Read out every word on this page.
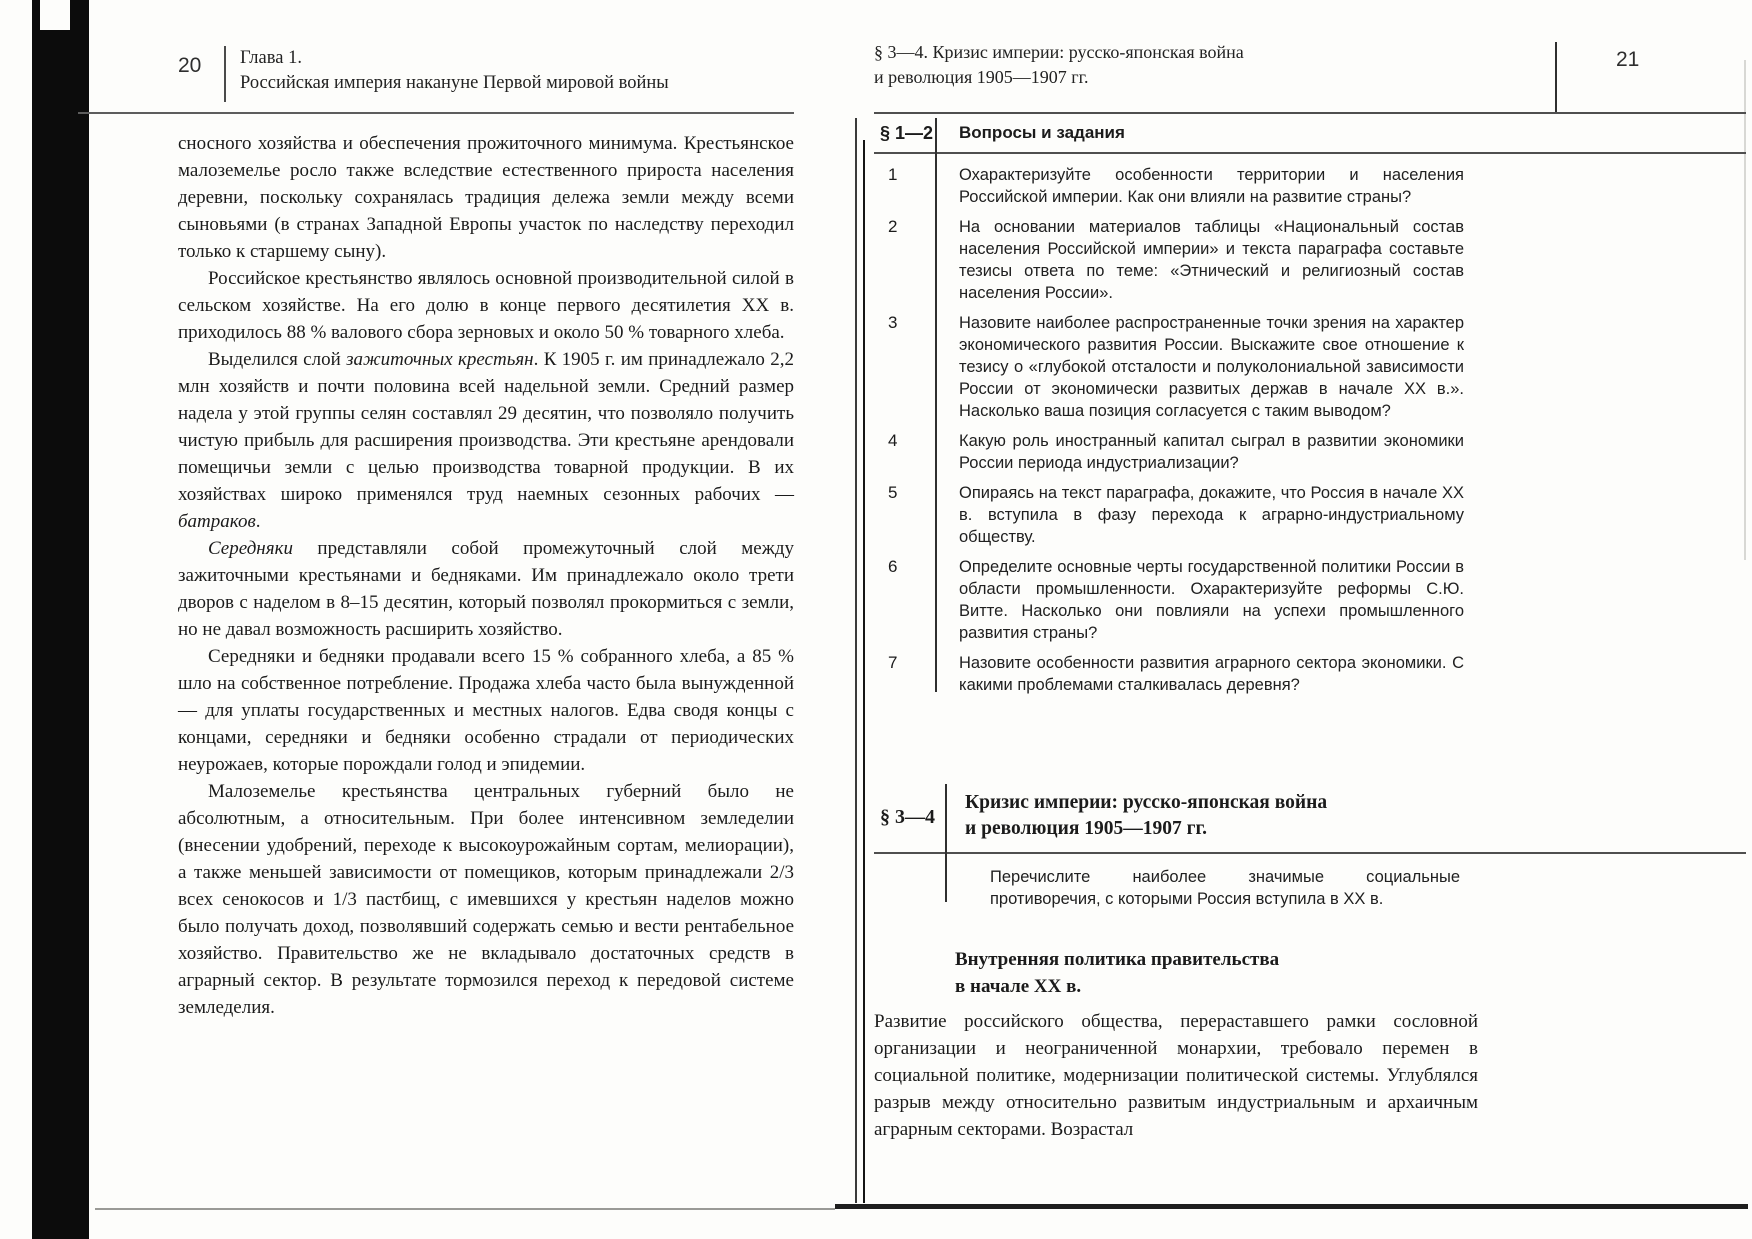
20	Глава 1.
Российская империя накануне Первой мировой войны

сносного хозяйства и обеспечения прожиточного минимума. Крестьянское малоземелье росло также вследствие естественного прироста населения деревни, поскольку сохранялась традиция дележа земли между всеми сыновьями (в странах Западной Европы участок по наследству переходил только к старшему сыну).

Российское крестьянство являлось основной производительной силой в сельском хозяйстве. На его долю в конце первого десятилетия XX в. приходилось 88 % валового сбора зерновых и около 50 % товарного хлеба.

Выделился слой зажиточных крестьян. К 1905 г. им принадлежало 2,2 млн хозяйств и почти половина всей надельной земли. Средний размер надела у этой группы селян составлял 29 десятин, что позволяло получить чистую прибыль для расширения производства. Эти крестьяне арендовали помещичьи земли с целью производства товарной продукции. В их хозяйствах широко применялся труд наемных сезонных рабочих — батраков.

Середняки представляли собой промежуточный слой между зажиточными крестьянами и бедняками. Им принадлежало около трети дворов с наделом в 8–15 десятин, который позволял прокормиться с земли, но не давал возможность расширить хозяйство.

Середняки и бедняки продавали всего 15 % собранного хлеба, а 85 % шло на собственное потребление. Продажа хлеба часто была вынужденной — для уплаты государственных и местных налогов. Едва сводя концы с концами, середняки и бедняки особенно страдали от периодических неурожаев, которые порождали голод и эпидемии.

Малоземелье крестьянства центральных губерний было не абсолютным, а относительным. При более интенсивном земледелии (внесении удобрений, переходе к высокоурожайным сортам, мелиорации), а также меньшей зависимости от помещиков, которым принадлежали 2/3 всех сенокосов и 1/3 пастбищ, с имевшихся у крестьян наделов можно было получать доход, позволявший содержать семью и вести рентабельное хозяйство. Правительство же не вкладывало достаточных средств в аграрный сектор. В результате тормозился переход к передовой системе земледелия.

§ 3—4. Кризис империи: русско-японская война
и революция 1905—1907 гг.
21
§ 1—2	Вопросы и задания
1	Охарактеризуйте особенности территории и населения Российской империи. Как они влияли на развитие страны?
2	На основании материалов таблицы «Национальный состав населения Российской империи» и текста параграфа составьте тезисы ответа по теме: «Этнический и религиозный состав населения России».
3	Назовите наиболее распространенные точки зрения на характер экономического развития России. Выскажите свое отношение к тезису о «глубокой отсталости и полуколониальной зависимости России от экономически развитых держав в начале XX в.». Насколько ваша позиция согласуется с таким выводом?
4	Какую роль иностранный капитал сыграл в развитии экономики России периода индустриализации?
5	Опираясь на текст параграфа, докажите, что Россия в начале XX в. вступила в фазу перехода к аграрно-индустриальному обществу.
6	Определите основные черты государственной политики России в области промышленности. Охарактеризуйте реформы С.Ю. Витте. Насколько они повлияли на успехи промышленного развития страны?
7	Назовите особенности развития аграрного сектора экономики. С какими проблемами сталкивалась деревня?
§ 3—4
Кризис империи: русско-японская война
и революция 1905—1907 гг.
Перечислите наиболее значимые социальные противоречия, с которыми Россия вступила в XX в.
Внутренняя политика правительства
в начале XX в.
Развитие российского общества, перераставшего рамки сословной организации и неограниченной монархии, требовало перемен в социальной политике, модернизации политической системы. Углублялся разрыв между относительно развитым индустриальным и архаичным аграрным секторами. Возрастал
